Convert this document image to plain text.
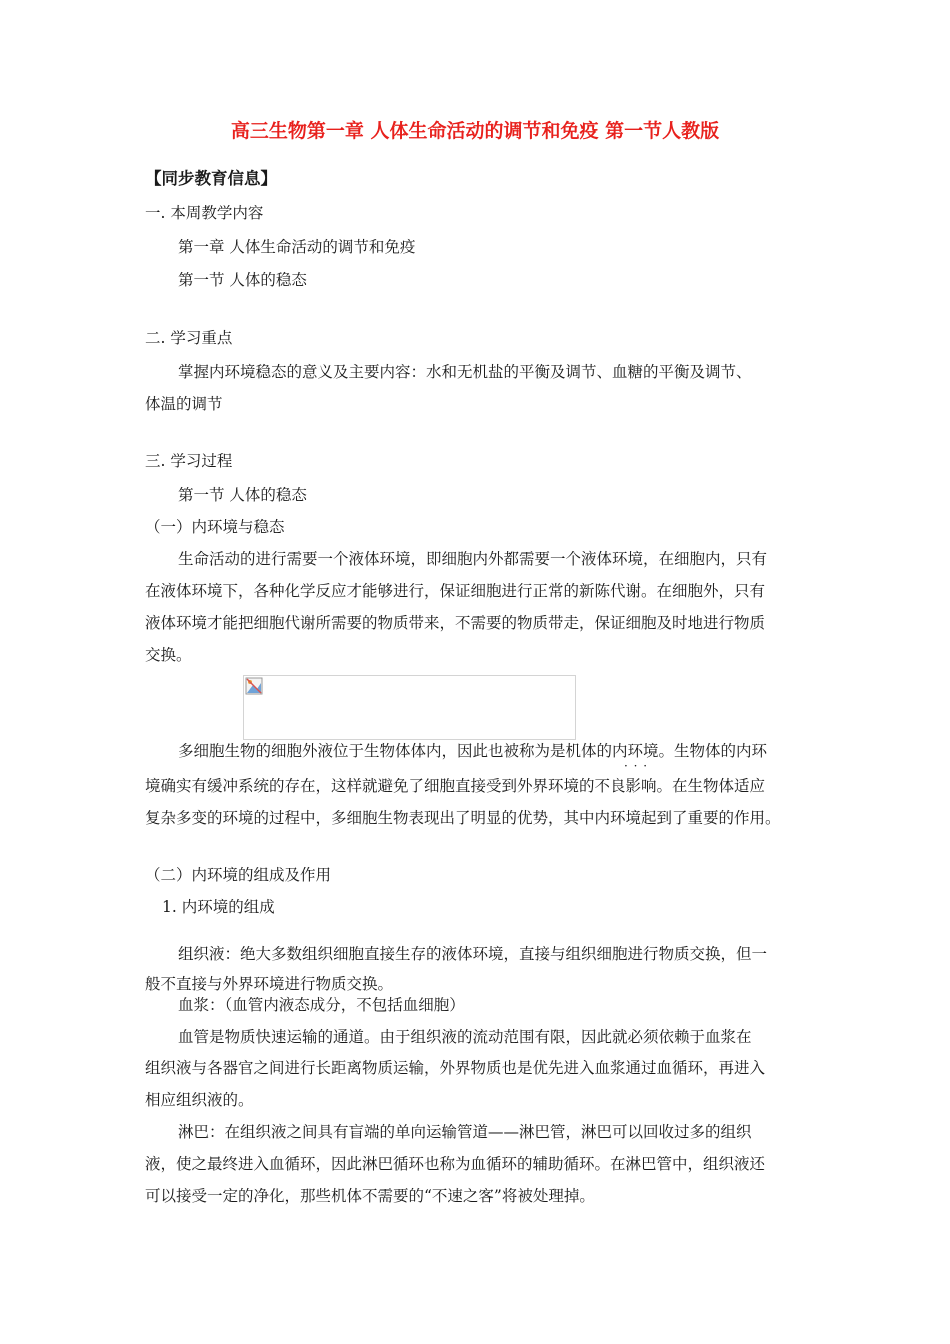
高三生物第一章 人体生命活动的调节和免疫 第一节人教版
【同步教育信息】
一. 本周教学内容
第一章 人体生命活动的调节和免疫
第一节 人体的稳态
二. 学习重点
掌握内环境稳态的意义及主要内容：水和无机盐的平衡及调节、血糖的平衡及调节、
体温的调节
三. 学习过程
第一节 人体的稳态
（一）内环境与稳态
生命活动的进行需要一个液体环境，即细胞内外都需要一个液体环境，在细胞内，只有
在液体环境下，各种化学反应才能够进行，保证细胞进行正常的新陈代谢。在细胞外，只有
液体环境才能把细胞代谢所需要的物质带来，不需要的物质带走，保证细胞及时地进行物质
交换。
多细胞生物的细胞外液位于生物体体内，因此也被称为是机体的内环境 · · ·。生物体的内环
境确实有缓冲系统的存在，这样就避免了细胞直接受到外界环境的不良影响。在生物体适应
复杂多变的环境的过程中，多细胞生物表现出了明显的优势，其中内环境起到了重要的作用。
（二）内环境的组成及作用
1. 内环境的组成
组织液：绝大多数组织细胞直接生存的液体环境，直接与组织细胞进行物质交换，但一
般不直接与外界环境进行物质交换。
血浆：（血管内液态成分，不包括血细胞）
血管是物质快速运输的通道。由于组织液的流动范围有限，因此就必须依赖于血浆在
组织液与各器官之间进行长距离物质运输，外界物质也是优先进入血浆通过血循环，再进入
相应组织液的。
淋巴：在组织液之间具有盲端的单向运输管道——淋巴管，淋巴可以回收过多的组织
液，使之最终进入血循环，因此淋巴循环也称为血循环的辅助循环。在淋巴管中，组织液还
可以接受一定的净化，那些机体不需要的“不速之客”将被处理掉。
